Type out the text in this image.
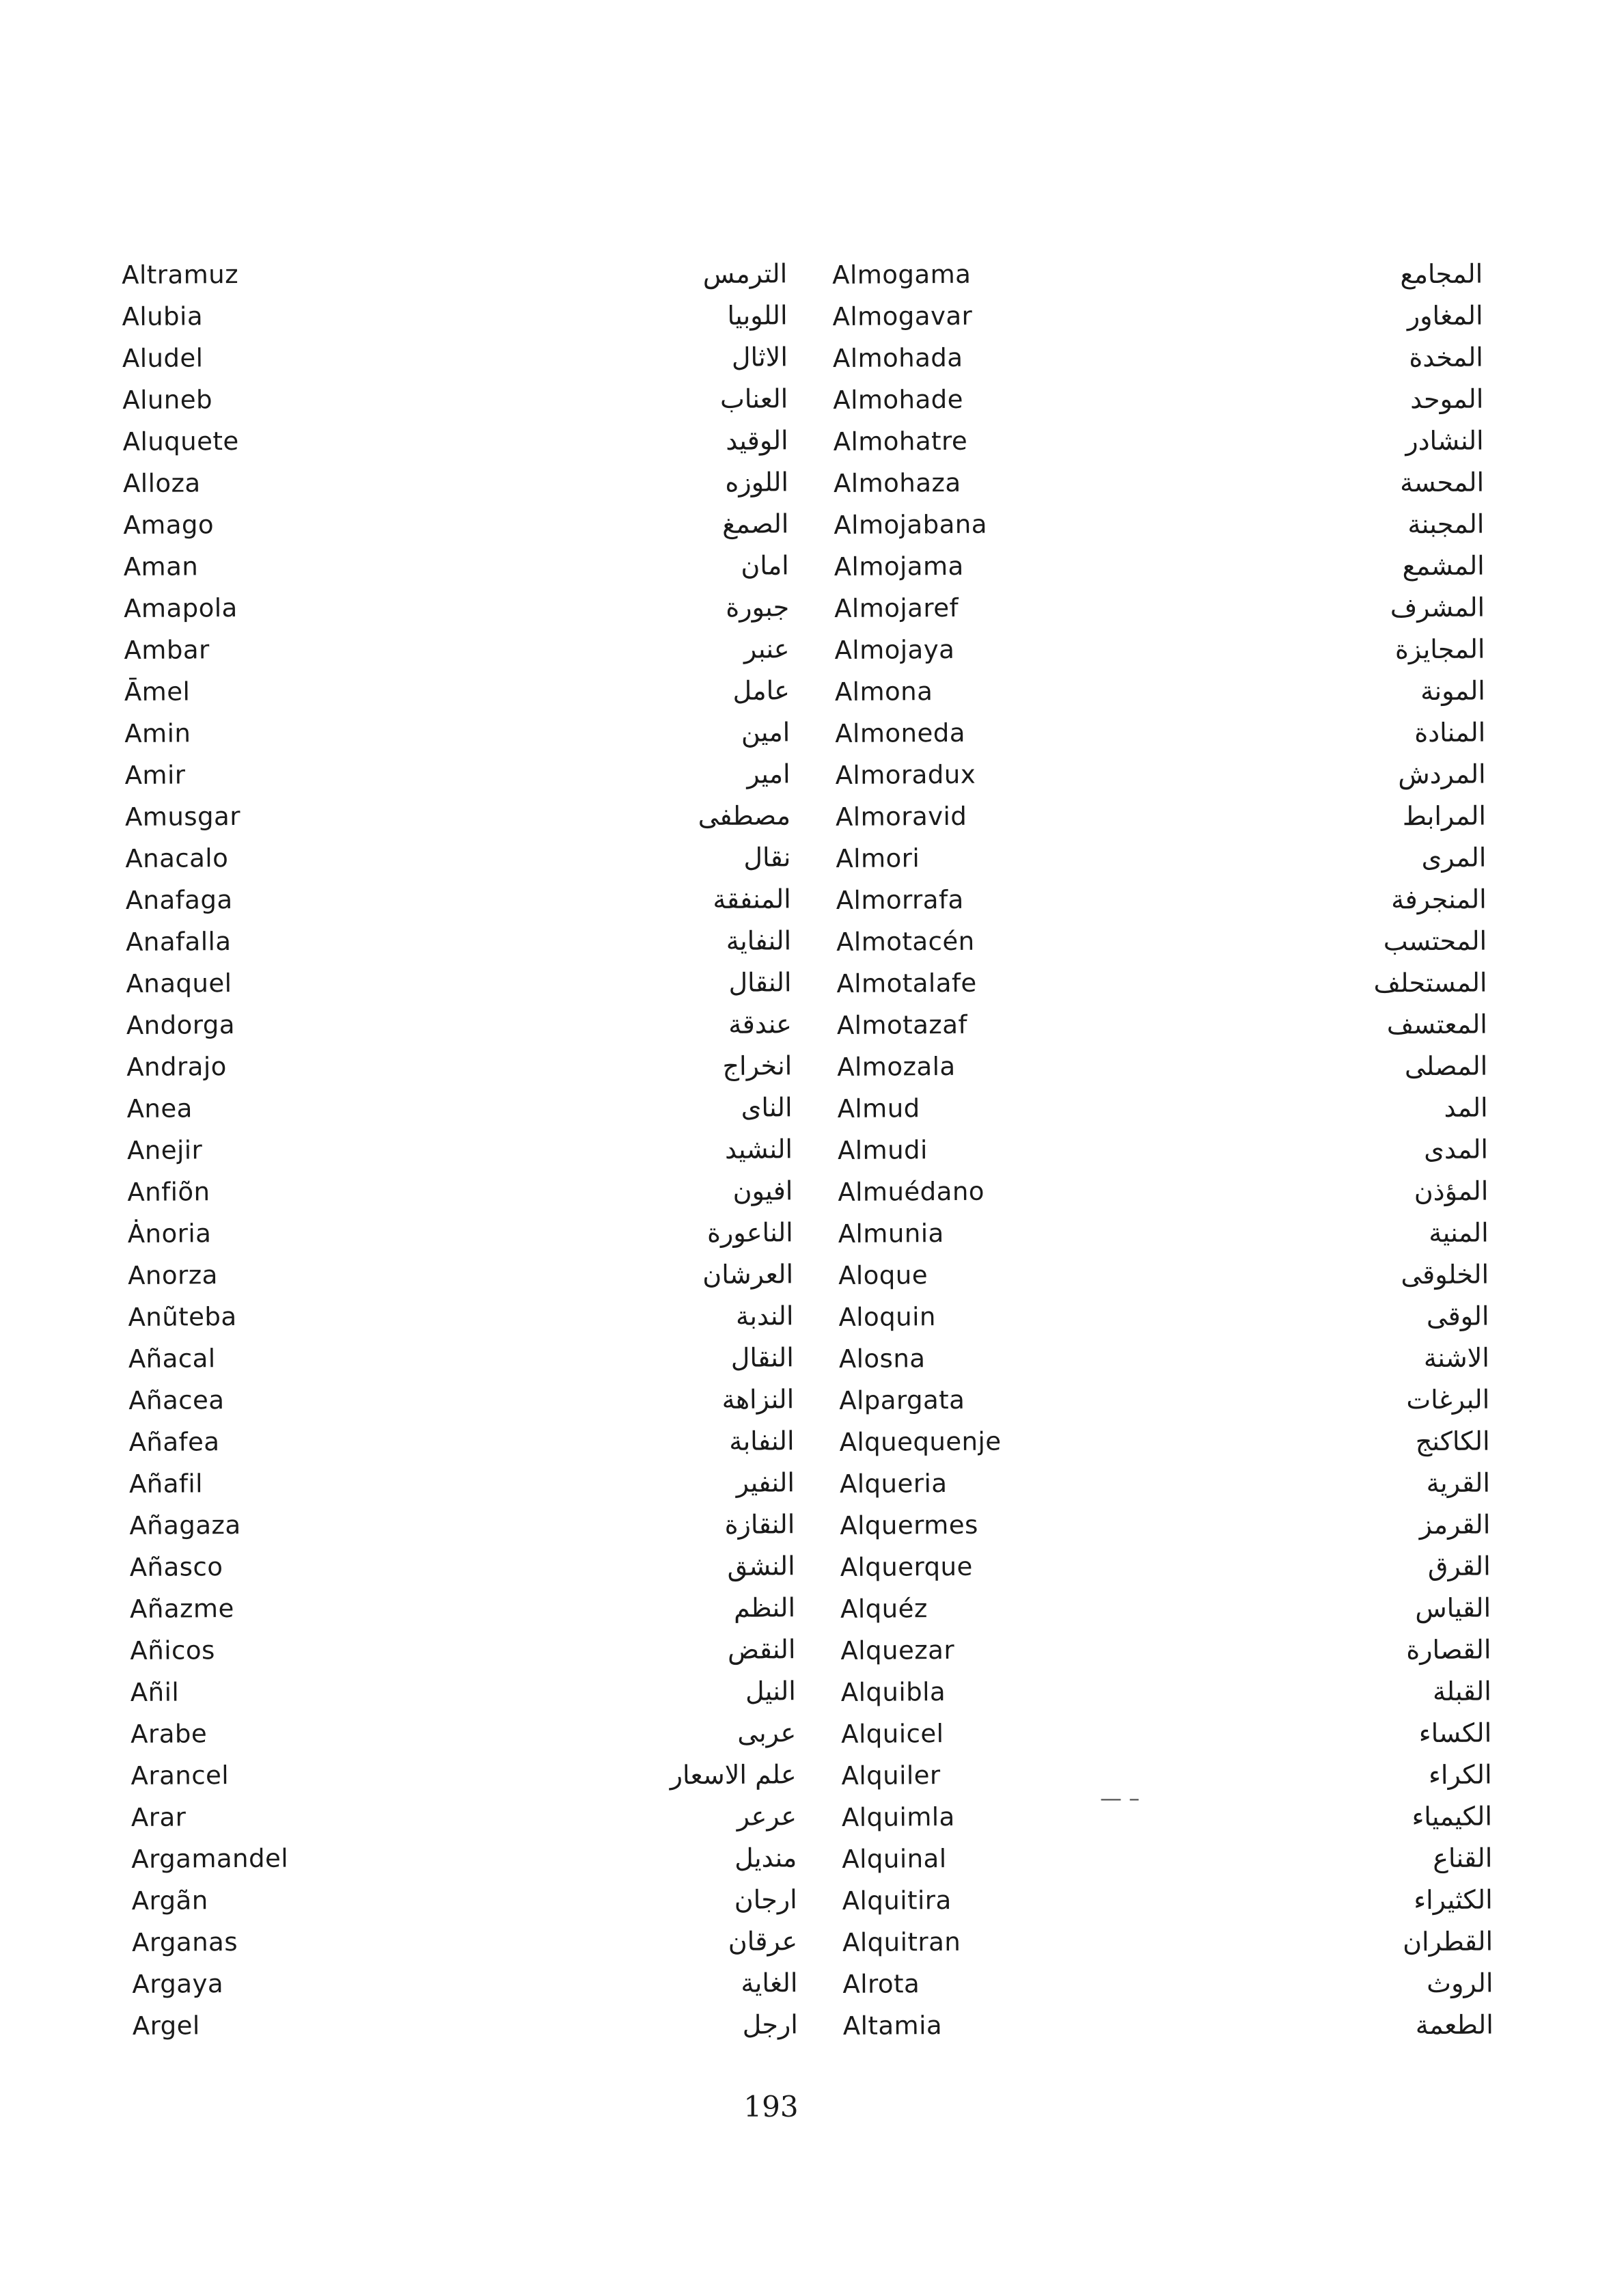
Altramuz
Alubia
Aludel
Aluneb
Aluquete
Alloza
Amago
Aman
Amapola
Ambar
Āmel
Amin
Amir
Amusgar
Anacalo
Anafaga
Anafalla
Anaquel
Andorga
Andrajo
Anea
Anejir
Anfiõn
Ȧnoria
Anorza
Anũteba
Añacal
Añacea
Añafea
Añafil
Añagaza
Añasco
Añazme
Añicos
Añil
Arabe
Arancel
Arar
Argamandel
Argãn
Arganas
Argaya
Argel
الترمس
اللوبيا
الاثال
العناب
الوقيد
اللوزه
الصمغ
امان
جبورة
عنبر
عامل
امين
امير
مصطفى
نقال
المنفقة
النفاية
النقال
عندقة
انخراج
الناى
النشيد
افيون
الناعورة
العرشان
الندبة
النقال
النزاهة
النفابة
النفير
النقازة
النشق
النظم
النقض
النيل
عربى
علم الاسعار
عرعر
منديل
ارجان
عرقان
الغاية
ارجل
Almogama
Almogavar
Almohada
Almohade
Almohatre
Almohaza
Almojabana
Almojama
Almojaref
Almojaya
Almona
Almoneda
Almoradux
Almoravid
Almori
Almorrafa
Almotacén
Almotalafe
Almotazaf
Almozala
Almud
Almudi
Almuédano
Almunia
Aloque
Aloquin
Alosna
Alpargata
Alquequenje
Alqueria
Alquermes
Alquerque
Alquéz
Alquezar
Alquibla
Alquicel
Alquiler
Alquimla
Alquinal
Alquitira
Alquitran
Alrota
Altamia
المجامع
المغاور
المخدة
الموحد
النشادر
المحسة
المجبنة
المشمع
المشرف
المجايزة
المونة
المنادة
المردش
المرابط
المرى
المنجرفة
المحتسب
المستحلف
المعتسف
المصلى
المد
المدى
المؤذن
المنية
الخلوقى
الوقى
الاشنة
البرغات
الكاكنج
القرية
القرمز
القرق
القياس
القصارة
القبلة
الكساء
الكراء
الكيمياء
القناع
الكثيراء
القطران
الروث
الطعمة
— –
193
